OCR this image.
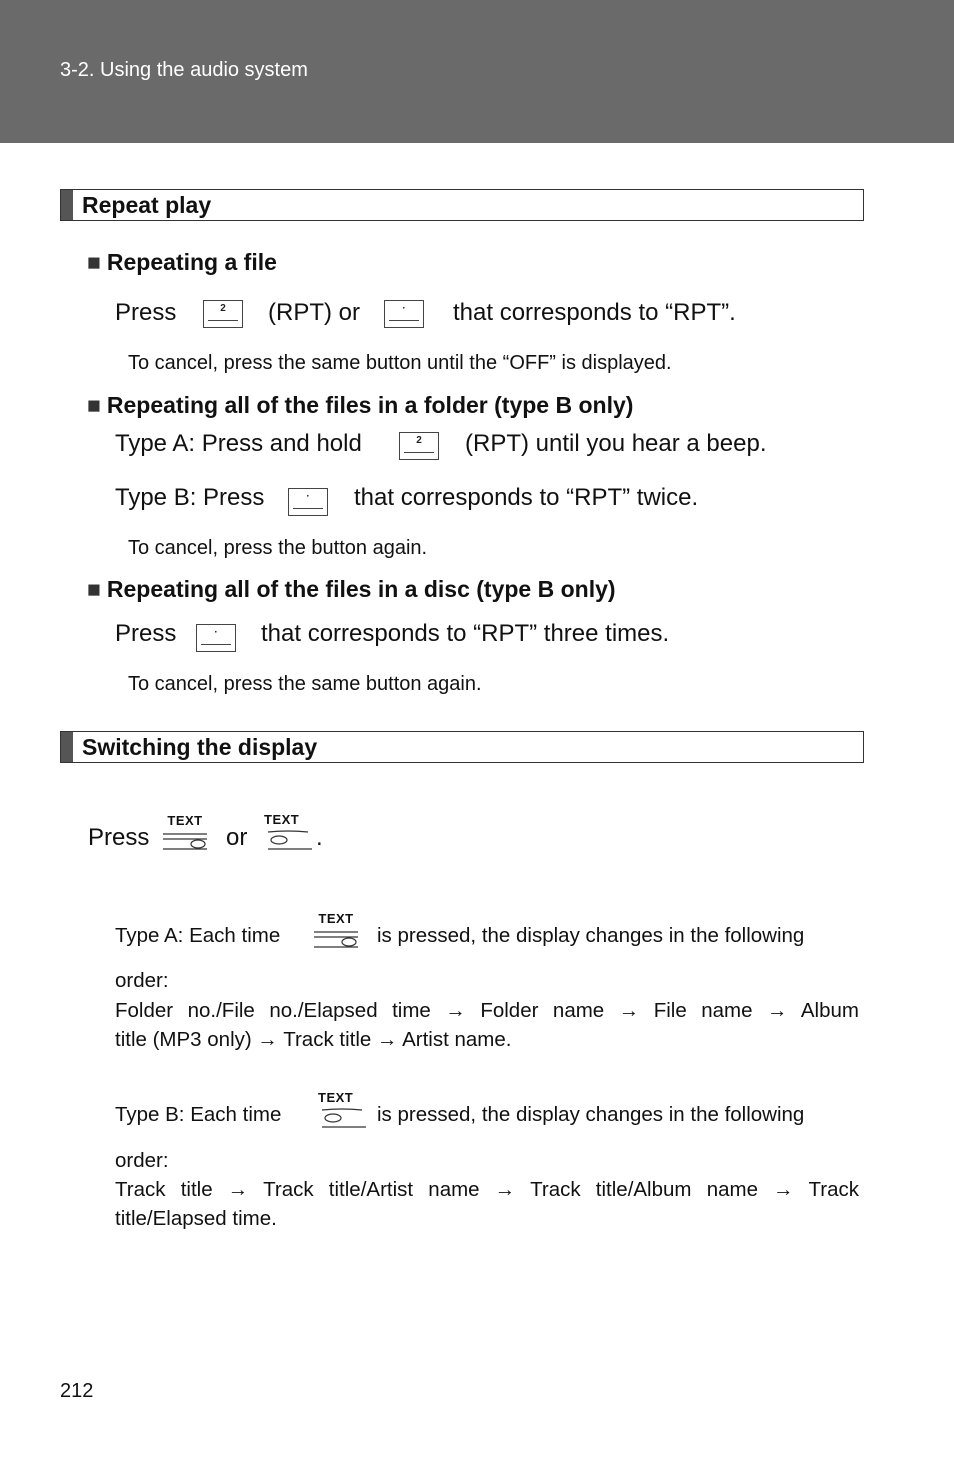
3-2. Using the audio system
Repeat play
■ Repeating a file
Press	2	(RPT) or	·	that corresponds to “RPT”.
To cancel, press the same button until the “OFF” is displayed.
■ Repeating all of the files in a folder (type B only)
Type A: Press and hold	2	(RPT) until you hear a beep.
Type B: Press	·	that corresponds to “RPT” twice.
To cancel, press the button again.
■ Repeating all of the files in a disc (type B only)
Press	·	that corresponds to “RPT” three times.
To cancel, press the same button again.
Switching the display
Press
TEXT
or
TEXT
.
Type A: Each time
TEXT
is pressed, the display changes in the following
order:
Folder no./File no./Elapsed time → Folder name → File name → Album
title (MP3 only) → Track title → Artist name.
Type B: Each time
TEXT
is pressed, the display changes in the following
order:
Track title → Track title/Artist name → Track title/Album name → Track
title/Elapsed time.
212
